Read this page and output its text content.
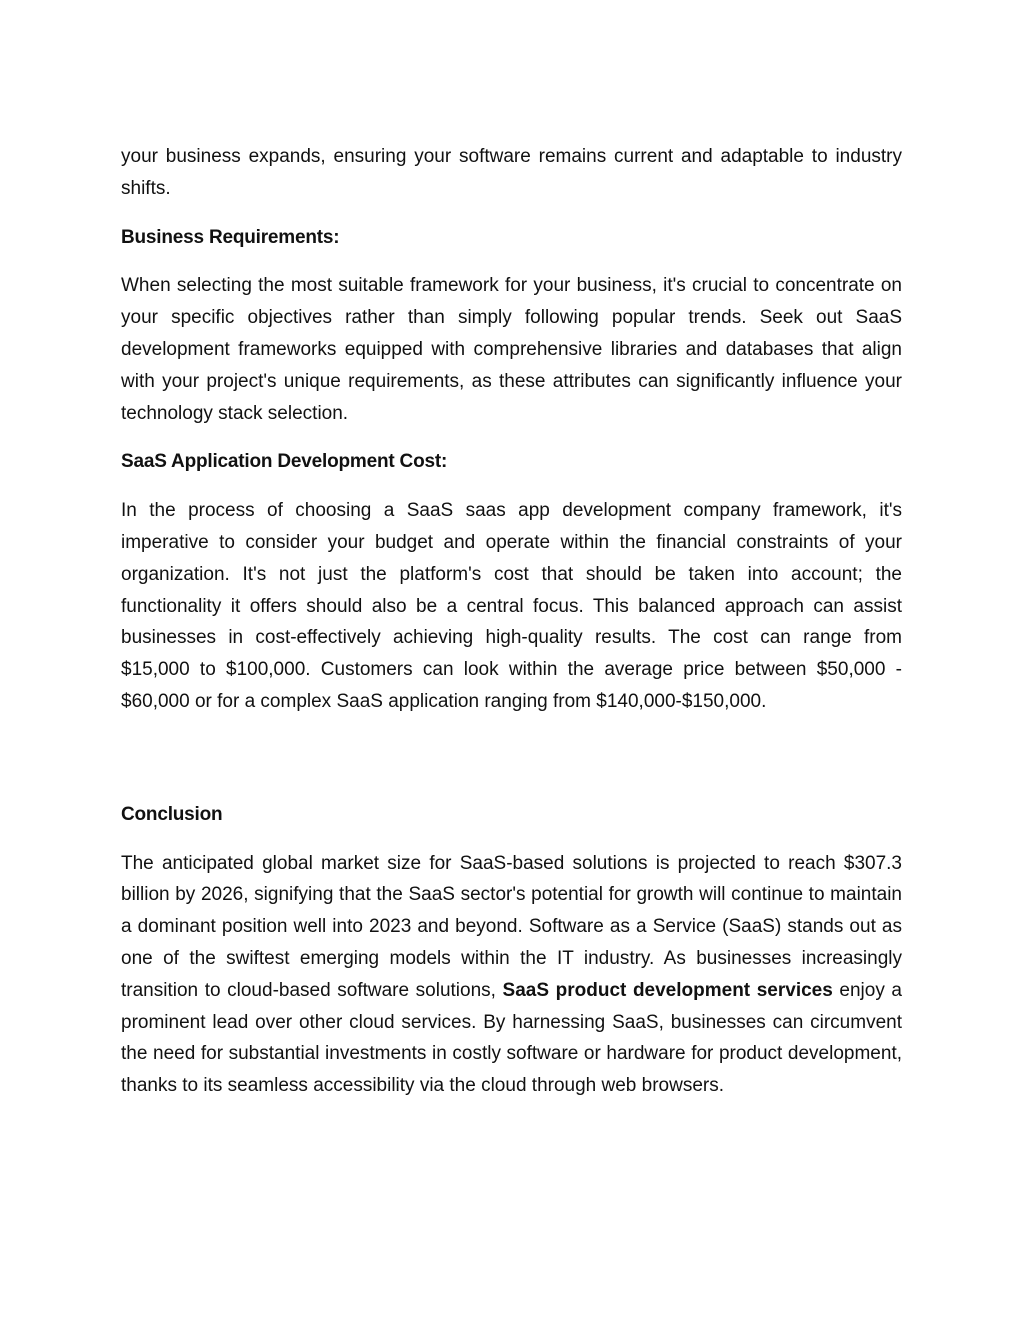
your business expands, ensuring your software remains current and adaptable to industry shifts.

Business Requirements:

When selecting the most suitable framework for your business, it's crucial to concentrate on your specific objectives rather than simply following popular trends. Seek out SaaS development frameworks equipped with comprehensive libraries and databases that align with your project's unique requirements, as these attributes can significantly influence your technology stack selection.

SaaS Application Development Cost:

In the process of choosing a SaaS saas app development company framework, it's imperative to consider your budget and operate within the financial constraints of your organization. It's not just the platform's cost that should be taken into account; the functionality it offers should also be a central focus. This balanced approach can assist businesses in cost-effectively achieving high-quality results. The cost can range from $15,000 to $100,000. Customers can look within the average price between $50,000 - $60,000 or for a complex SaaS application ranging from $140,000-$150,000.

Conclusion

The anticipated global market size for SaaS-based solutions is projected to reach $307.3 billion by 2026, signifying that the SaaS sector's potential for growth will continue to maintain a dominant position well into 2023 and beyond. Software as a Service (SaaS) stands out as one of the swiftest emerging models within the IT industry. As businesses increasingly transition to cloud-based software solutions, SaaS product development services enjoy a prominent lead over other cloud services. By harnessing SaaS, businesses can circumvent the need for substantial investments in costly software or hardware for product development, thanks to its seamless accessibility via the cloud through web browsers.
